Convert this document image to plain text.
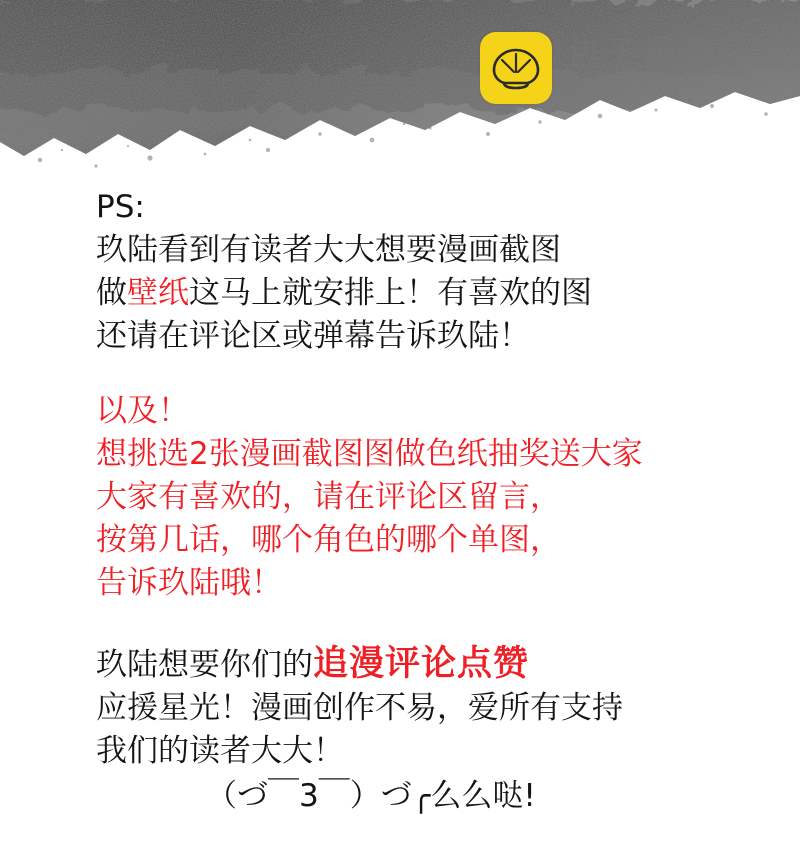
包子漫畫
baozimh.com
PS:
玖陆看到有读者大大想要漫画截图
做壁纸这马上就安排上！有喜欢的图
还请在评论区或弹幕告诉玖陆！
以及！
想挑选2张漫画截图图做色纸抽奖送大家
大家有喜欢的，请在评论区留言，
按第几话，哪个角色的哪个单图，
告诉玖陆哦！
玖陆想要你们的追漫评论点赞
应援星光！漫画创作不易，爱所有支持
我们的读者大大！
（づ￣3￣）づ╭么么哒!
